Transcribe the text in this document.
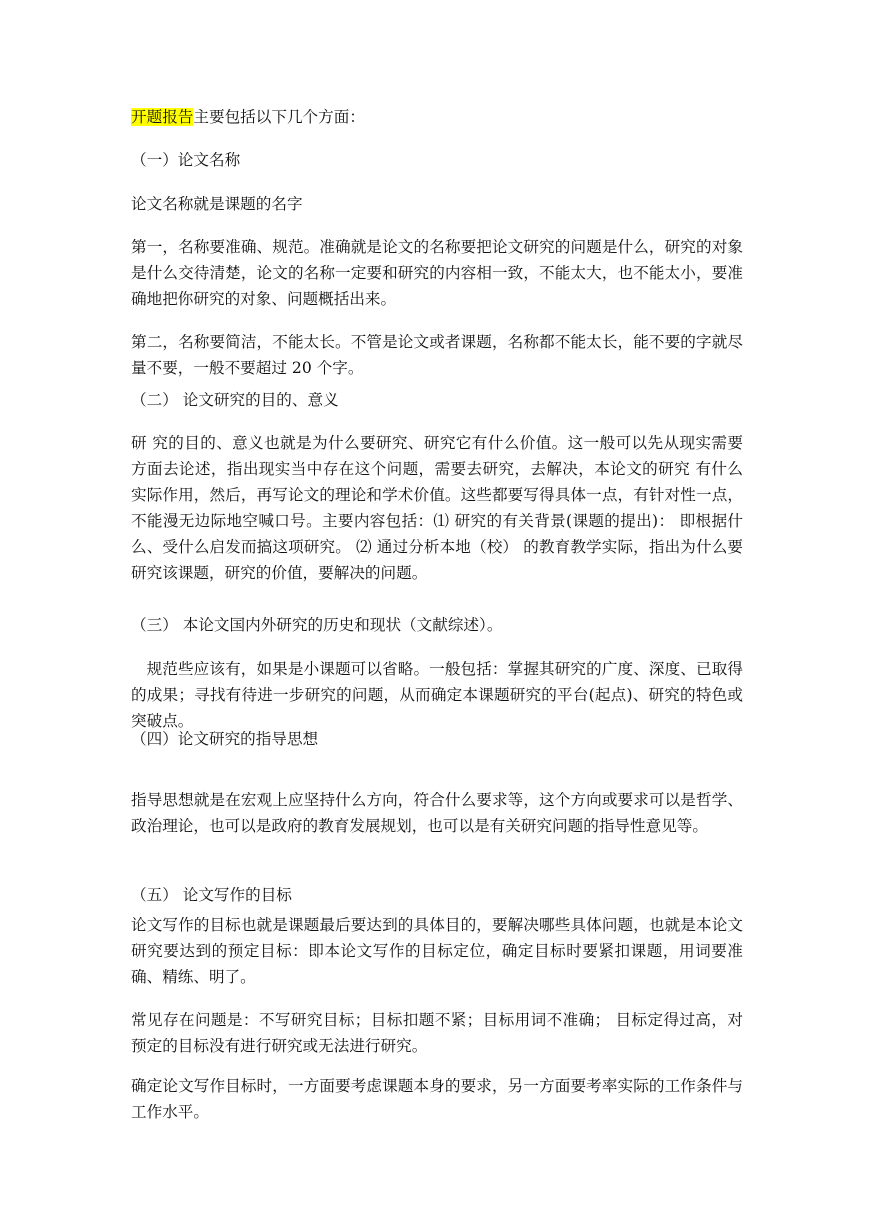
开题报告主要包括以下几个方面：

（一）论文名称

论文名称就是课题的名字

第一，名称要准确、规范。准确就是论文的名称要把论文研究的问题是什么，研究的对象是什么交待清楚，论文的名称一定要和研究的内容相一致，不能太大，也不能太小，要准确地把你研究的对象、问题概括出来。

第二，名称要简洁，不能太长。不管是论文或者课题，名称都不能太长，能不要的字就尽量不要，一般不要超过 20 个字。

（二） 论文研究的目的、意义

研 究的目的、意义也就是为什么要研究、研究它有什么价值。这一般可以先从现实需要方面去论述，指出现实当中存在这个问题，需要去研究，去解决，本论文的研究 有什么实际作用，然后，再写论文的理论和学术价值。这些都要写得具体一点，有针对性一点，不能漫无边际地空喊口号。主要内容包括：⑴ 研究的有关背景(课题的提出)： 即根据什么、受什么启发而搞这项研究。 ⑵ 通过分析本地（校） 的教育教学实际，指出为什么要研究该课题，研究的价值，要解决的问题。

（三） 本论文国内外研究的历史和现状（文献综述）。

规范些应该有，如果是小课题可以省略。一般包括：掌握其研究的广度、深度、已取得的成果；寻找有待进一步研究的问题，从而确定本课题研究的平台(起点)、研究的特色或突破点。

（四）论文研究的指导思想

指导思想就是在宏观上应坚持什么方向，符合什么要求等，这个方向或要求可以是哲学、政治理论，也可以是政府的教育发展规划，也可以是有关研究问题的指导性意见等。

（五） 论文写作的目标

论文写作的目标也就是课题最后要达到的具体目的，要解决哪些具体问题，也就是本论文研究要达到的预定目标：即本论文写作的目标定位，确定目标时要紧扣课题，用词要准确、精练、明了。

常见存在问题是：不写研究目标；目标扣题不紧；目标用词不准确； 目标定得过高，对预定的目标没有进行研究或无法进行研究。

确定论文写作目标时，一方面要考虑课题本身的要求，另一方面要考率实际的工作条件与工作水平。
